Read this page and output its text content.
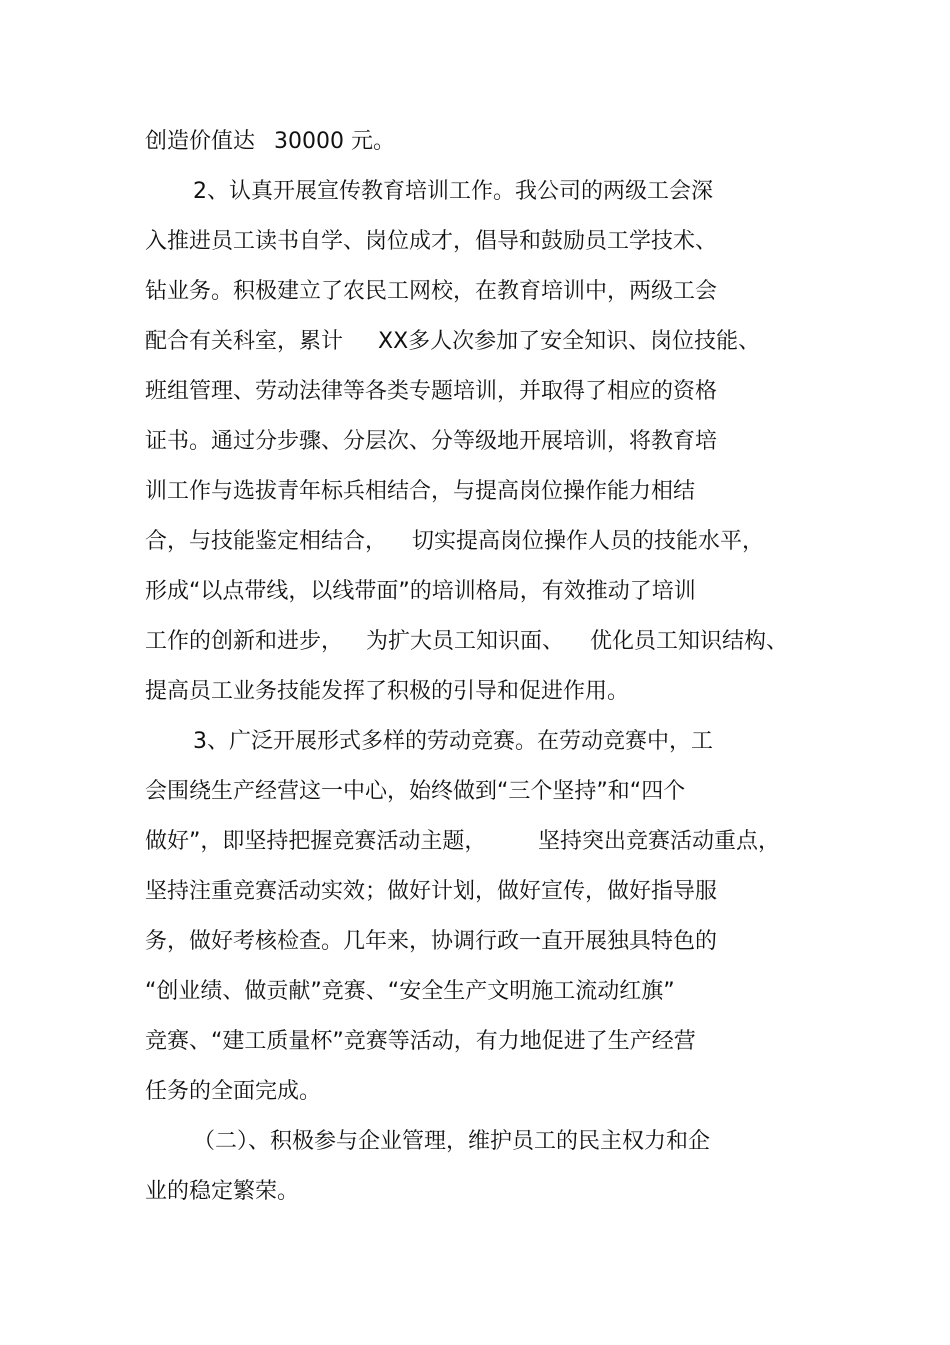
创造价值达

30000 元。

2、认真开展宣传教育培训工作。我公司的两级工会深

入推进员工读书自学、岗位成才，倡导和鼓励员工学技术、

钻业务。积极建立了农民工网校，在教育培训中，两级工会

配合有关科室，累计

XX多人次参加了安全知识、岗位技能、

班组管理、劳动法律等各类专题培训，并取得了相应的资格

证书。通过分步骤、分层次、分等级地开展培训，将教育培

训工作与选拔青年标兵相结合，与提高岗位操作能力相结

合，与技能鉴定相结合，

切实提高岗位操作人员的技能水平，

形成“以点带线，以线带面”的培训格局，有效推动了培训

工作的创新和进步，

为扩大员工知识面、

优化员工知识结构、

提高员工业务技能发挥了积极的引导和促进作用。

3、广泛开展形式多样的劳动竞赛。在劳动竞赛中，工

会围绕生产经营这一中心，始终做到“三个坚持”和“四个

做好”，即坚持把握竞赛活动主题，

坚持突出竞赛活动重点，

坚持注重竞赛活动实效；做好计划，做好宣传，做好指导服

务，做好考核检查。几年来，协调行政一直开展独具特色的

“创业绩、做贡献”竞赛、“安全生产文明施工流动红旗”

竞赛、“建工质量杯”竞赛等活动，有力地促进了生产经营

任务的全面完成。

（二）、积极参与企业管理，维护员工的民主权力和企

业的稳定繁荣。
